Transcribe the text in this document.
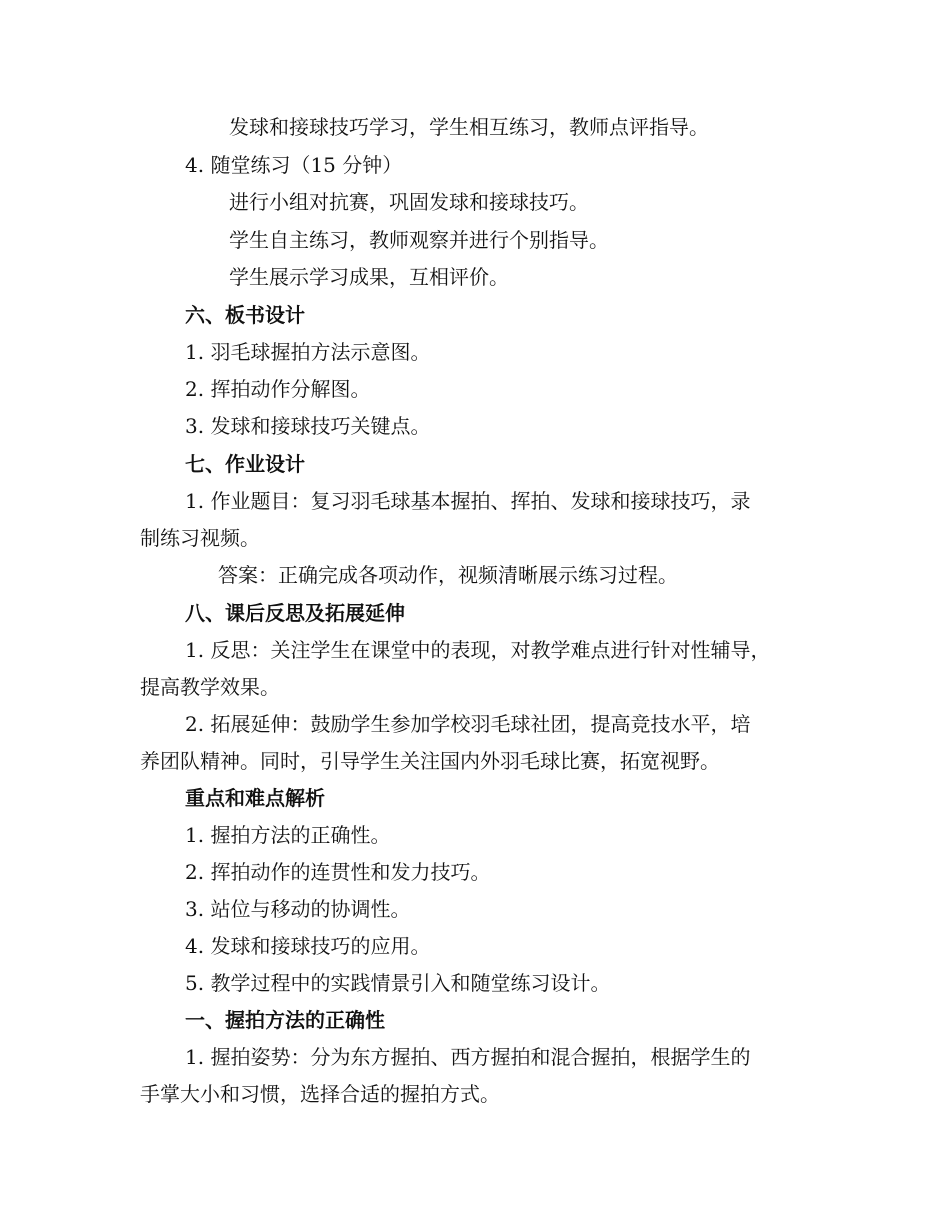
发球和接球技巧学习，学生相互练习，教师点评指导。
4. 随堂练习（15 分钟）
进行小组对抗赛，巩固发球和接球技巧。
学生自主练习，教师观察并进行个别指导。
学生展示学习成果，互相评价。
六、板书设计
1. 羽毛球握拍方法示意图。
2. 挥拍动作分解图。
3. 发球和接球技巧关键点。
七、作业设计
1. 作业题目：复习羽毛球基本握拍、挥拍、发球和接球技巧，录
制练习视频。
答案：正确完成各项动作，视频清晰展示练习过程。
八、课后反思及拓展延伸
1. 反思：关注学生在课堂中的表现，对教学难点进行针对性辅导，
提高教学效果。
2. 拓展延伸：鼓励学生参加学校羽毛球社团，提高竞技水平，培
养团队精神。同时，引导学生关注国内外羽毛球比赛，拓宽视野。
重点和难点解析
1. 握拍方法的正确性。
2. 挥拍动作的连贯性和发力技巧。
3. 站位与移动的协调性。
4. 发球和接球技巧的应用。
5. 教学过程中的实践情景引入和随堂练习设计。
一、握拍方法的正确性
1. 握拍姿势：分为东方握拍、西方握拍和混合握拍，根据学生的
手掌大小和习惯，选择合适的握拍方式。
